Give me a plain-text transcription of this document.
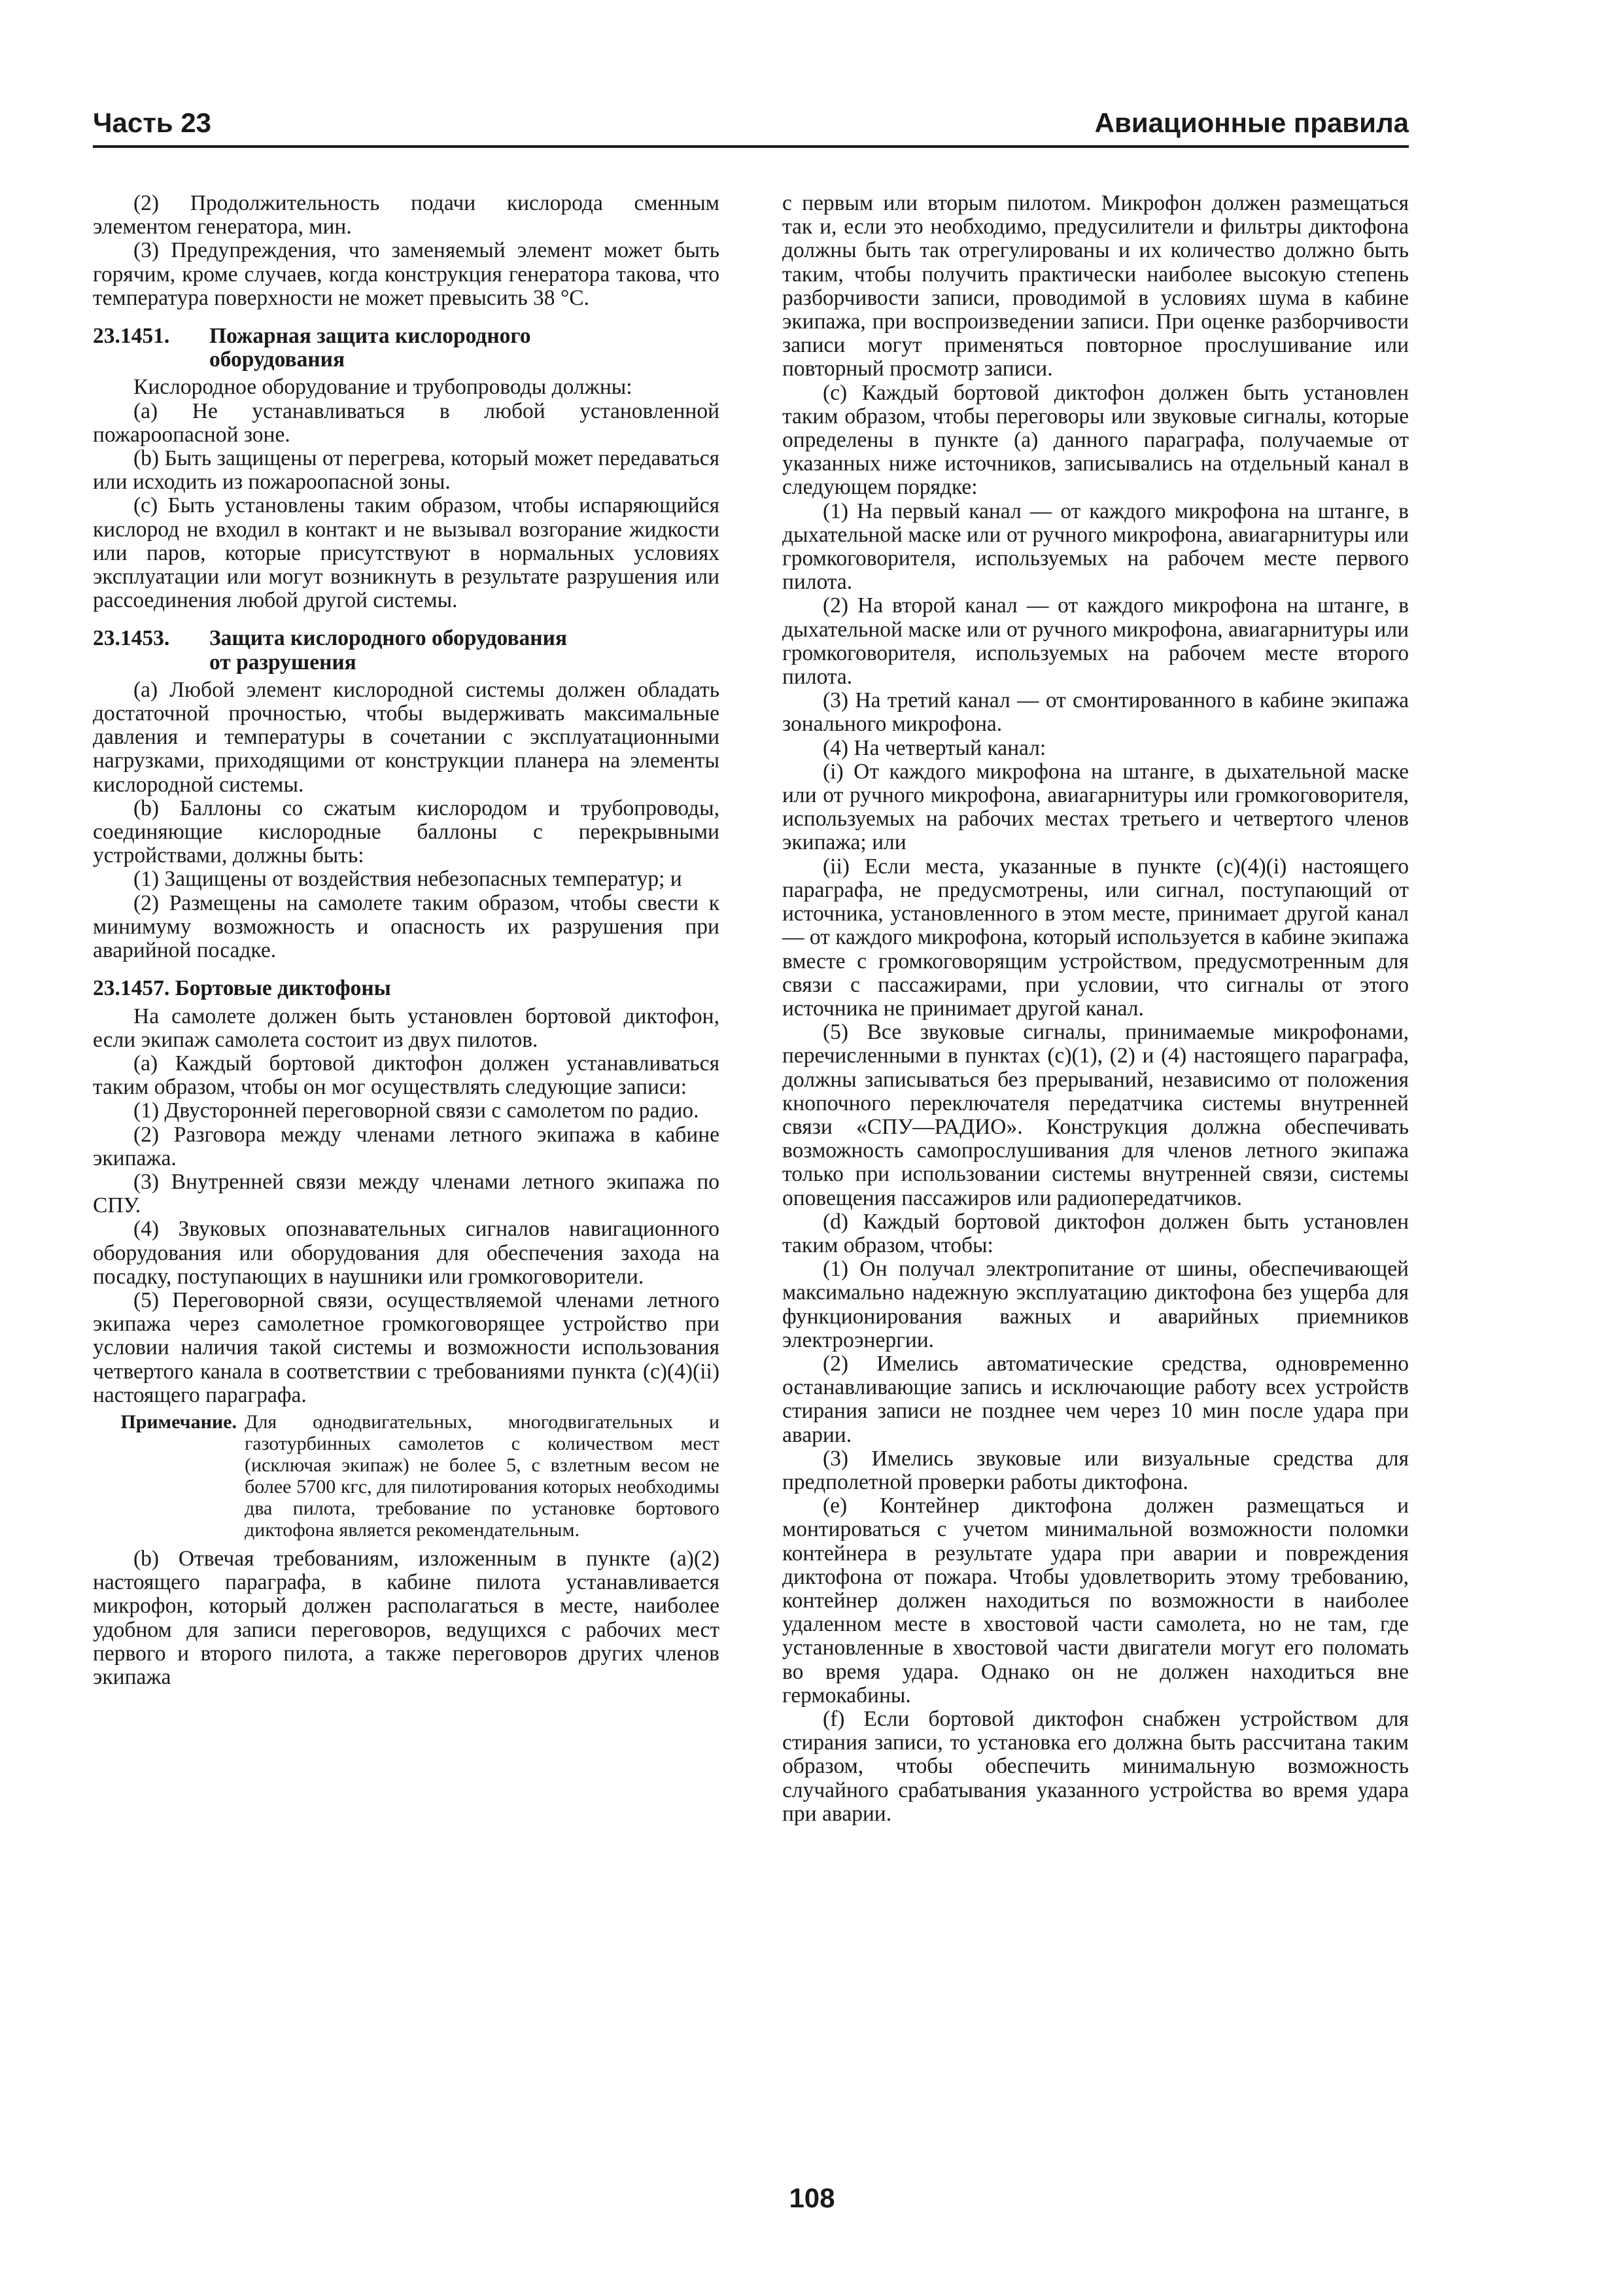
Часть 23	Авиационные правила

(2) Продолжительность подачи кислорода сменным элементом генератора, мин.

(3) Предупреждения, что заменяемый элемент может быть горячим, кроме случаев, когда конструкция генератора такова, что температура поверхности не может превысить 38 °С.

23.1451. Пожарная защита кислородного
оборудования

Кислородное оборудование и трубопроводы должны:

(a) Не устанавливаться в любой установленной пожароопасной зоне.

(b) Быть защищены от перегрева, который может передаваться или исходить из пожароопасной зоны.

(c) Быть установлены таким образом, чтобы испаряющийся кислород не входил в контакт и не вызывал возгорание жидкости или паров, которые присутствуют в нормальных условиях эксплуатации или могут возникнуть в результате разрушения или рассоединения любой другой системы.

23.1453. Защита кислородного оборудования
от разрушения

(a) Любой элемент кислородной системы должен обладать достаточной прочностью, чтобы выдерживать максимальные давления и температуры в сочетании с эксплуатационными нагрузками, приходящими от конструкции планера на элементы кислородной системы.

(b) Баллоны со сжатым кислородом и трубопроводы, соединяющие кислородные баллоны с перекрывными устройствами, должны быть:

(1) Защищены от воздействия небезопасных температур; и

(2) Размещены на самолете таким образом, чтобы свести к минимуму возможность и опасность их разрушения при аварийной посадке.

23.1457. Бортовые диктофоны

На самолете должен быть установлен бортовой диктофон, если экипаж самолета состоит из двух пилотов.

(a) Каждый бортовой диктофон должен устанавливаться таким образом, чтобы он мог осуществлять следующие записи:

(1) Двусторонней переговорной связи с самолетом по радио.

(2) Разговора между членами летного экипажа в кабине экипажа.

(3) Внутренней связи между членами летного экипажа по СПУ.

(4) Звуковых опознавательных сигналов навигационного оборудования или оборудования для обеспечения захода на посадку, поступающих в наушники или громкоговорители.

(5) Переговорной связи, осуществляемой членами летного экипажа через самолетное громкоговорящее устройство при условии наличия такой системы и возможности использования четвертого канала в соответствии с требованиями пункта (c)(4)(ii) настоящего параграфа.

Примечание. Для однодвигательных, многодвигательных и газотурбинных самолетов с количеством мест (исключая экипаж) не более 5, с взлетным весом не более 5700 кгс, для пилотирования которых необходимы два пилота, требование по установке бортового диктофона является рекомендательным.

(b) Отвечая требованиям, изложенным в пункте (a)(2) настоящего параграфа, в кабине пилота устанавливается микрофон, который должен располагаться в месте, наиболее удобном для записи переговоров, ведущихся с рабочих мест первого и второго пилота, а также переговоров других членов экипажа

с первым или вторым пилотом. Микрофон должен размещаться так и, если это необходимо, предусилители и фильтры диктофона должны быть так отрегулированы и их количество должно быть таким, чтобы получить практически наиболее высокую степень разборчивости записи, проводимой в условиях шума в кабине экипажа, при воспроизведении записи. При оценке разборчивости записи могут применяться повторное прослушивание или повторный просмотр записи.

(c) Каждый бортовой диктофон должен быть установлен таким образом, чтобы переговоры или звуковые сигналы, которые определены в пункте (a) данного параграфа, получаемые от указанных ниже источников, записывались на отдельный канал в следующем порядке:

(1) На первый канал — от каждого микрофона на штанге, в дыхательной маске или от ручного микрофона, авиагарнитуры или громкоговорителя, используемых на рабочем месте первого пилота.

(2) На второй канал — от каждого микрофона на штанге, в дыхательной маске или от ручного микрофона, авиагарнитуры или громкоговорителя, используемых на рабочем месте второго пилота.

(3) На третий канал — от смонтированного в кабине экипажа зонального микрофона.

(4) На четвертый канал:

(i) От каждого микрофона на штанге, в дыхательной маске или от ручного микрофона, авиагарнитуры или громкоговорителя, используемых на рабочих местах третьего и четвертого членов экипажа; или

(ii) Если места, указанные в пункте (c)(4)(i) настоящего параграфа, не предусмотрены, или сигнал, поступающий от источника, установленного в этом месте, принимает другой канал — от каждого микрофона, который используется в кабине экипажа вместе с громкоговорящим устройством, предусмотренным для связи с пассажирами, при условии, что сигналы от этого источника не принимает другой канал.

(5) Все звуковые сигналы, принимаемые микрофонами, перечисленными в пунктах (c)(1), (2) и (4) настоящего параграфа, должны записываться без прерываний, независимо от положения кнопочного переключателя передатчика системы внутренней связи «СПУ—РАДИО». Конструкция должна обеспечивать возможность самопрослушивания для членов летного экипажа только при использовании системы внутренней связи, системы оповещения пассажиров или радиопередатчиков.

(d) Каждый бортовой диктофон должен быть установлен таким образом, чтобы:

(1) Он получал электропитание от шины, обеспечивающей максимально надежную эксплуатацию диктофона без ущерба для функционирования важных и аварийных приемников электроэнергии.

(2) Имелись автоматические средства, одновременно останавливающие запись и исключающие работу всех устройств стирания записи не позднее чем через 10 мин после удара при аварии.

(3) Имелись звуковые или визуальные средства для предполетной проверки работы диктофона.

(e) Контейнер диктофона должен размещаться и монтироваться с учетом минимальной возможности поломки контейнера в результате удара при аварии и повреждения диктофона от пожара. Чтобы удовлетворить этому требованию, контейнер должен находиться по возможности в наиболее удаленном месте в хвостовой части самолета, но не там, где установленные в хвостовой части двигатели могут его поломать во время удара. Однако он не должен находиться вне гермокабины.

(f) Если бортовой диктофон снабжен устройством для стирания записи, то установка его должна быть рассчитана таким образом, чтобы обеспечить минимальную возможность случайного срабатывания указанного устройства во время удара при аварии.

108
